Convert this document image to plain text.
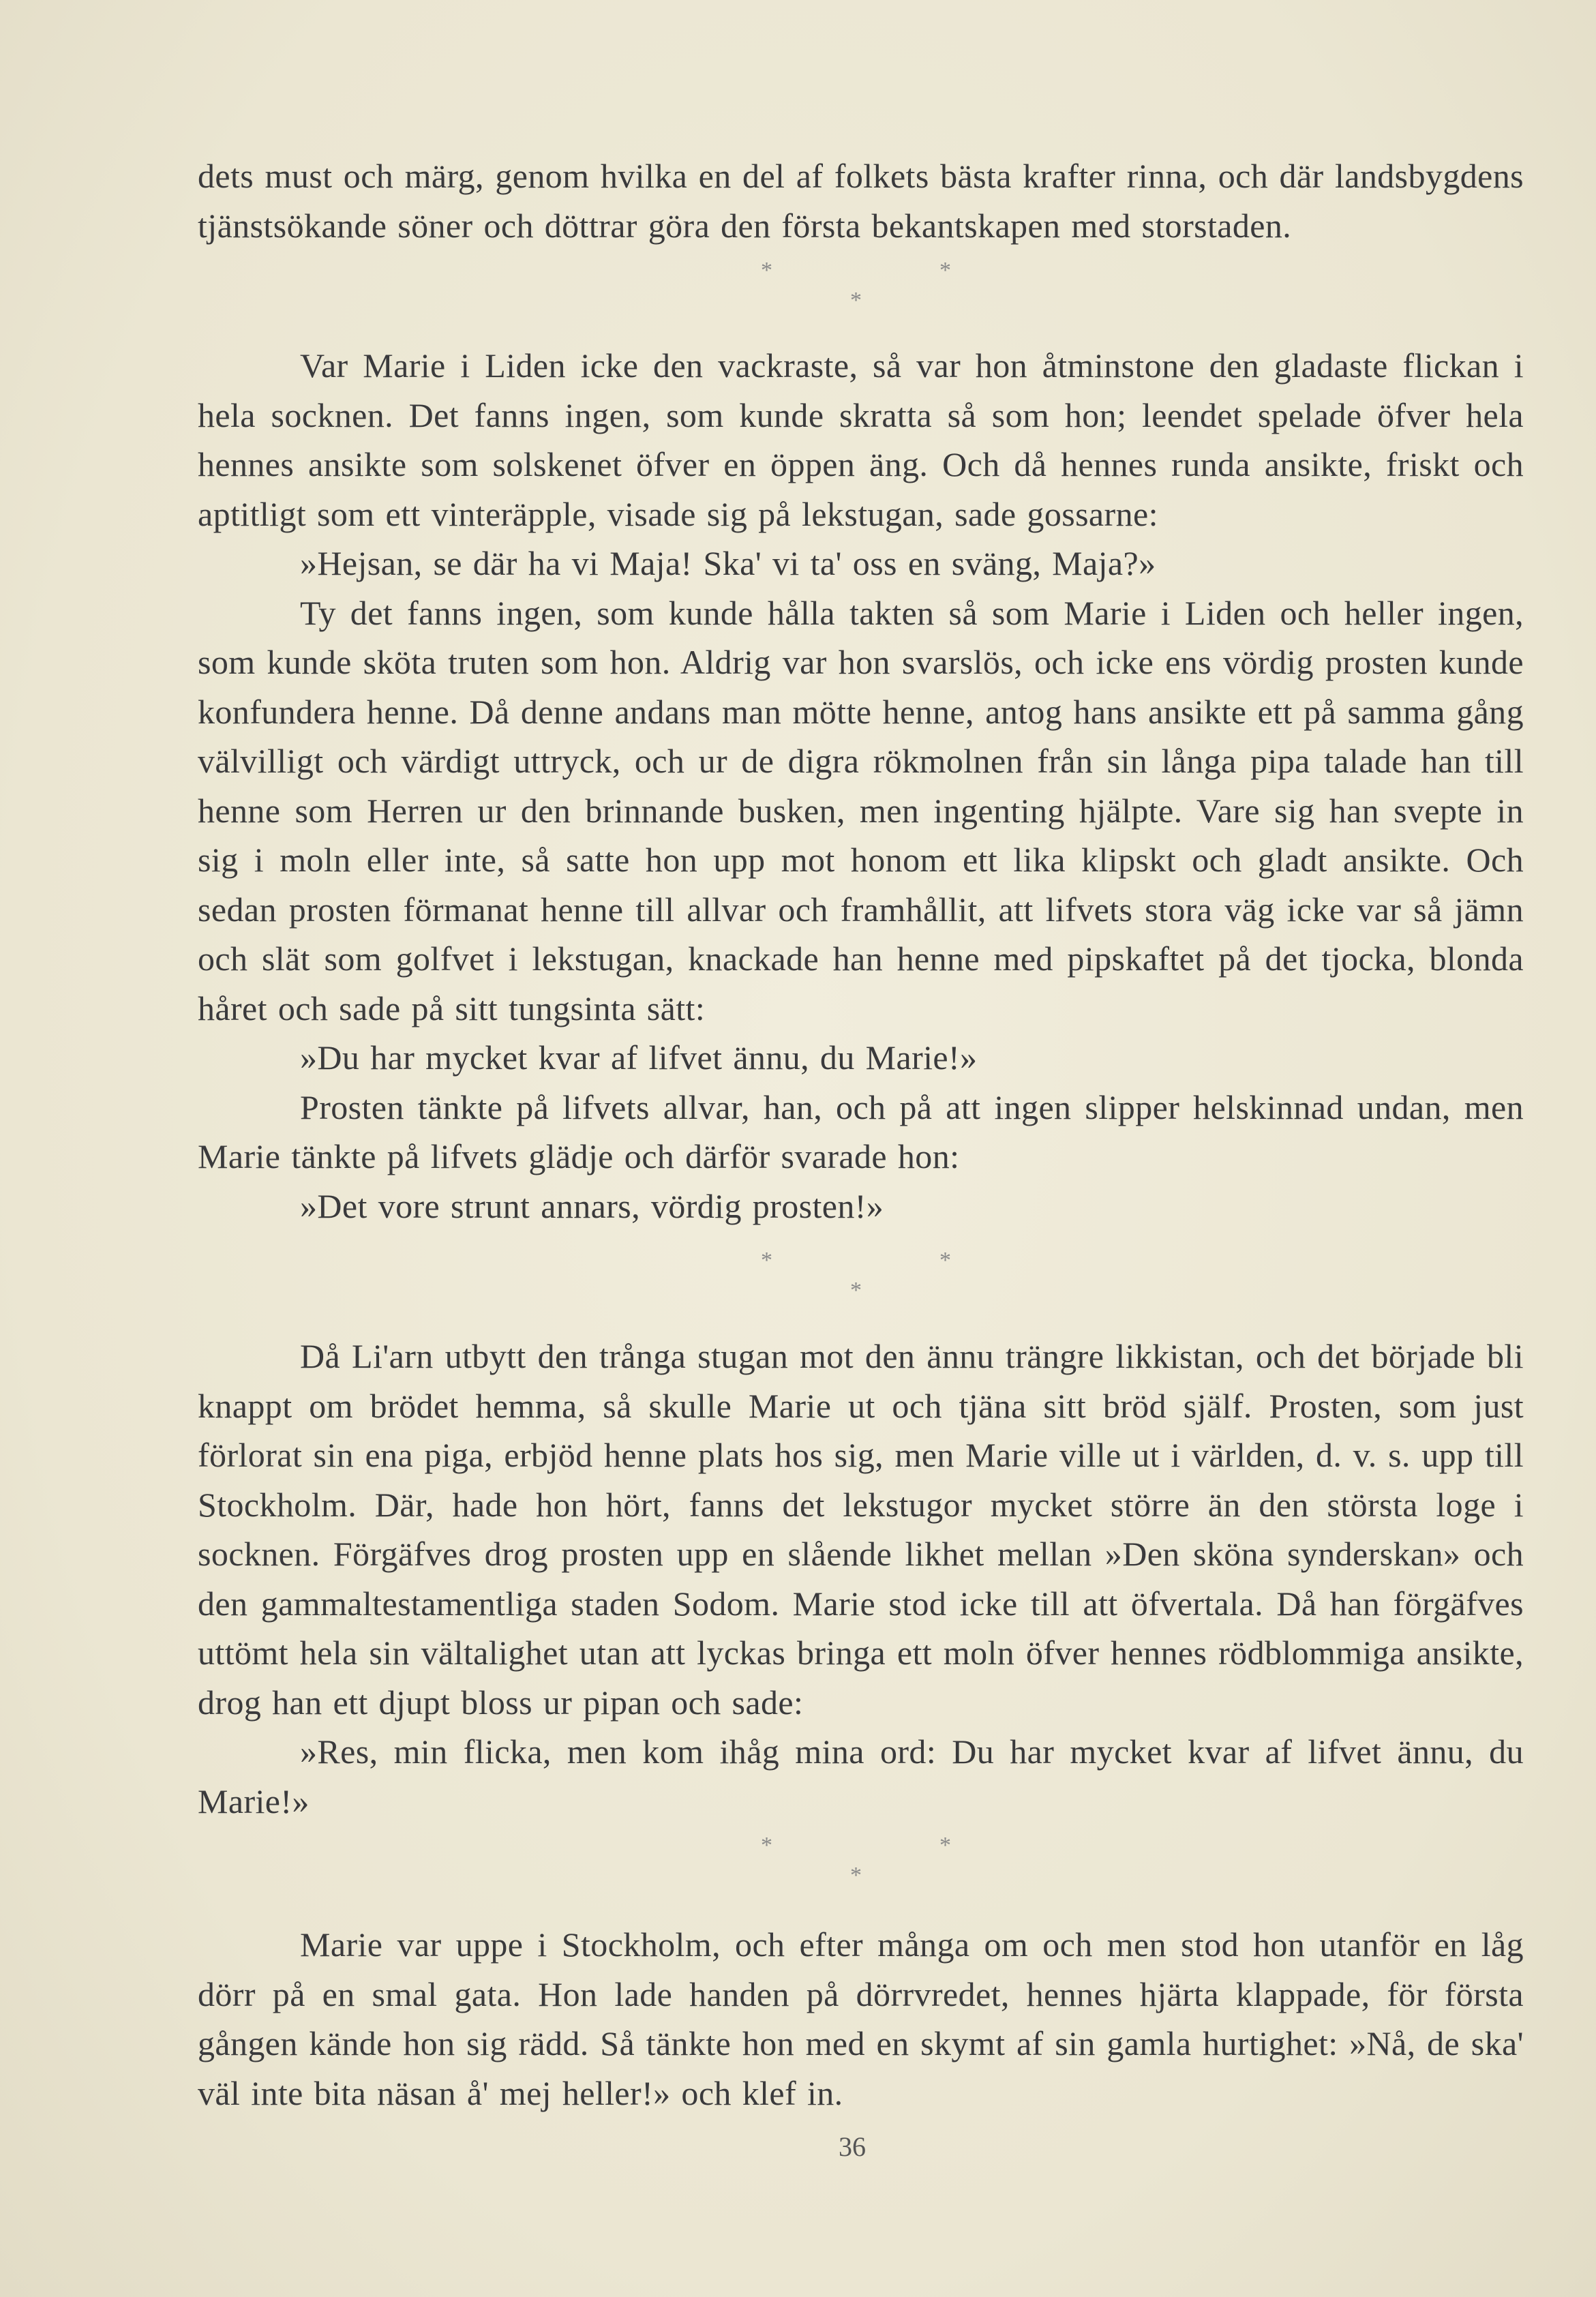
dets must och märg, genom hvilka en del af folkets bästa krafter rinna, och där landsbygdens tjänstsökande söner och döttrar göra den första bekantskapen med storstaden.

*	*
*

Var Marie i Liden icke den vackraste, så var hon åtminstone den gladaste flickan i hela socknen. Det fanns ingen, som kunde skratta så som hon; leendet spelade öfver hela hennes ansikte som solskenet öfver en öppen äng. Och då hennes runda ansikte, friskt och aptitligt som ett vinteräpple, visade sig på lekstugan, sade gossarne:

»Hejsan, se där ha vi Maja! Ska' vi ta' oss en sväng, Maja?»

Ty det fanns ingen, som kunde hålla takten så som Marie i Liden och heller ingen, som kunde sköta truten som hon. Aldrig var hon svarslös, och icke ens vördig prosten kunde konfundera henne. Då denne andans man mötte henne, antog hans ansikte ett på samma gång välvilligt och värdigt uttryck, och ur de digra rökmolnen från sin långa pipa talade han till henne som Herren ur den brinnande busken, men ingenting hjälpte. Vare sig han svepte in sig i moln eller inte, så satte hon upp mot honom ett lika klipskt och gladt ansikte. Och sedan prosten förmanat henne till allvar och framhållit, att lifvets stora väg icke var så jämn och slät som golfvet i lekstugan, knackade han henne med pipskaftet på det tjocka, blonda håret och sade på sitt tungsinta sätt:

»Du har mycket kvar af lifvet ännu, du Marie!»

Prosten tänkte på lifvets allvar, han, och på att ingen slipper helskinnad undan, men Marie tänkte på lifvets glädje och därför svarade hon:

»Det vore strunt annars, vördig prosten!»

*	*
*

Då Li'arn utbytt den trånga stugan mot den ännu trängre likkistan, och det började bli knappt om brödet hemma, så skulle Marie ut och tjäna sitt bröd själf. Prosten, som just förlorat sin ena piga, erbjöd henne plats hos sig, men Marie ville ut i världen, d. v. s. upp till Stockholm. Där, hade hon hört, fanns det lekstugor mycket större än den största loge i socknen. Förgäfves drog prosten upp en slående likhet mellan »Den sköna synderskan» och den gammaltestamentliga staden Sodom. Marie stod icke till att öfvertala. Då han förgäfves uttömt hela sin vältalighet utan att lyckas bringa ett moln öfver hennes rödblommiga ansikte, drog han ett djupt bloss ur pipan och sade:

»Res, min flicka, men kom ihåg mina ord: Du har mycket kvar af lifvet ännu, du Marie!»

*	*
*

Marie var uppe i Stockholm, och efter många om och men stod hon utanför en låg dörr på en smal gata. Hon lade handen på dörrvredet, hennes hjärta klappade, för första gången kände hon sig rädd. Så tänkte hon med en skymt af sin gamla hurtighet: »Nå, de ska' väl inte bita näsan å' mej heller!» och klef in.

36
